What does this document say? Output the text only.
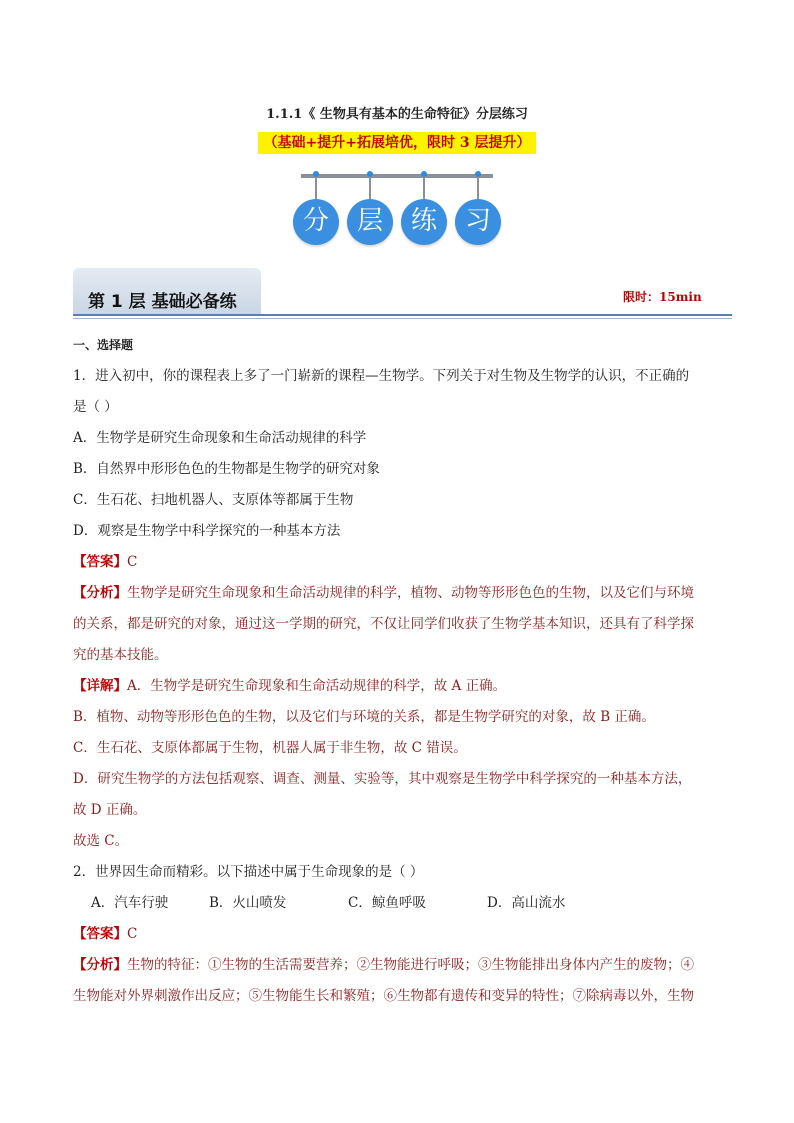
1.1.1《 生物具有基本的生命特征》分层练习
（基础+提升+拓展培优，限时 3 层提升）
分	层	练	习
第 1 层 基础必备练	限时：15min

一、选择题

1．进入初中，你的课程表上多了一门崭新的课程—生物学。下列关于对生物及生物学的认识，不正确的

是（ ）

A．生物学是研究生命现象和生命活动规律的科学

B．自然界中形形色色的生物都是生物学的研究对象

C．生石花、扫地机器人、支原体等都属于生物

D．观察是生物学中科学探究的一种基本方法

【答案】C

【分析】生物学是研究生命现象和生命活动规律的科学，植物、动物等形形色色的生物，以及它们与环境

的关系，都是研究的对象，通过这一学期的研究，不仅让同学们收获了生物学基本知识，还具有了科学探

究的基本技能。

【详解】A．生物学是研究生命现象和生命活动规律的科学，故 A 正确。

B．植物、动物等形形色色的生物，以及它们与环境的关系，都是生物学研究的对象，故 B 正确。

C．生石花、支原体都属于生物，机器人属于非生物，故 C 错误。

D．研究生物学的方法包括观察、调查、测量、实验等，其中观察是生物学中科学探究的一种基本方法，

故 D 正确。

故选 C。

2．世界因生命而精彩。以下描述中属于生命现象的是（ ）

A．汽车行驶	B．火山喷发	C．鲸鱼呼吸	D．高山流水

【答案】C

【分析】生物的特征：①生物的生活需要营养；②生物能进行呼吸；③生物能排出身体内产生的废物；④

生物能对外界刺激作出反应；⑤生物能生长和繁殖；⑥生物都有遗传和变异的特性；⑦除病毒以外，生物
